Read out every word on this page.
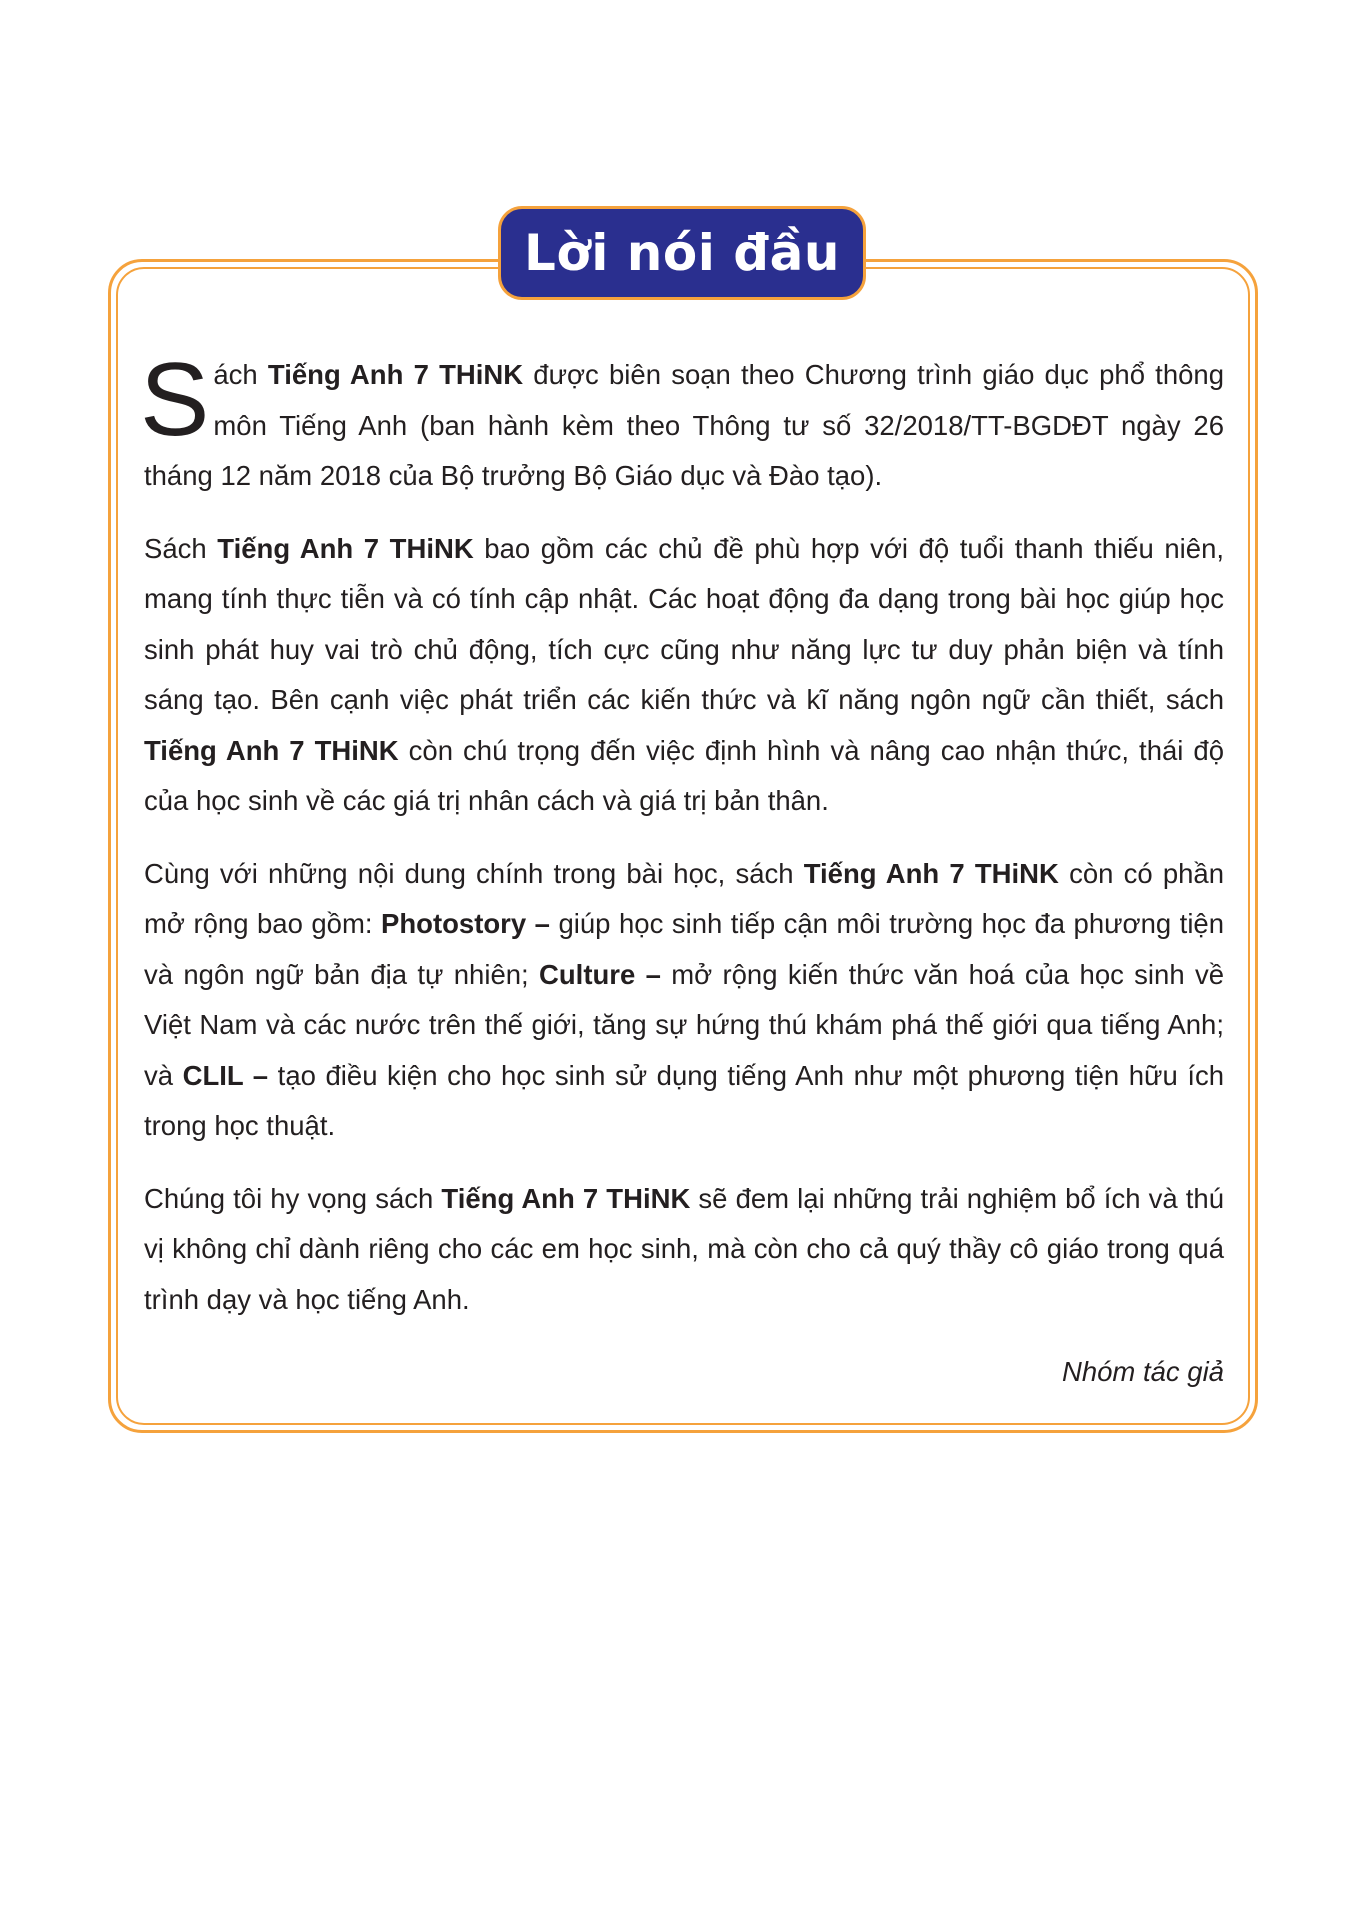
Lời nói đầu

Sách Tiếng Anh 7 THiNK được biên soạn theo Chương trình giáo dục phổ thông môn Tiếng Anh (ban hành kèm theo Thông tư số 32/2018/TT-BGDĐT ngày 26 tháng 12 năm 2018 của Bộ trưởng Bộ Giáo dục và Đào tạo).

Sách Tiếng Anh 7 THiNK bao gồm các chủ đề phù hợp với độ tuổi thanh thiếu niên, mang tính thực tiễn và có tính cập nhật. Các hoạt động đa dạng trong bài học giúp học sinh phát huy vai trò chủ động, tích cực cũng như năng lực tư duy phản biện và tính sáng tạo. Bên cạnh việc phát triển các kiến thức và kĩ năng ngôn ngữ cần thiết, sách Tiếng Anh 7 THiNK còn chú trọng đến việc định hình và nâng cao nhận thức, thái độ của học sinh về các giá trị nhân cách và giá trị bản thân.

Cùng với những nội dung chính trong bài học, sách Tiếng Anh 7 THiNK còn có phần mở rộng bao gồm: Photostory – giúp học sinh tiếp cận môi trường học đa phương tiện và ngôn ngữ bản địa tự nhiên; Culture – mở rộng kiến thức văn hoá của học sinh về Việt Nam và các nước trên thế giới, tăng sự hứng thú khám phá thế giới qua tiếng Anh; và CLIL – tạo điều kiện cho học sinh sử dụng tiếng Anh như một phương tiện hữu ích trong học thuật.

Chúng tôi hy vọng sách Tiếng Anh 7 THiNK sẽ đem lại những trải nghiệm bổ ích và thú vị không chỉ dành riêng cho các em học sinh, mà còn cho cả quý thầy cô giáo trong quá trình dạy và học tiếng Anh.

Nhóm tác giả
